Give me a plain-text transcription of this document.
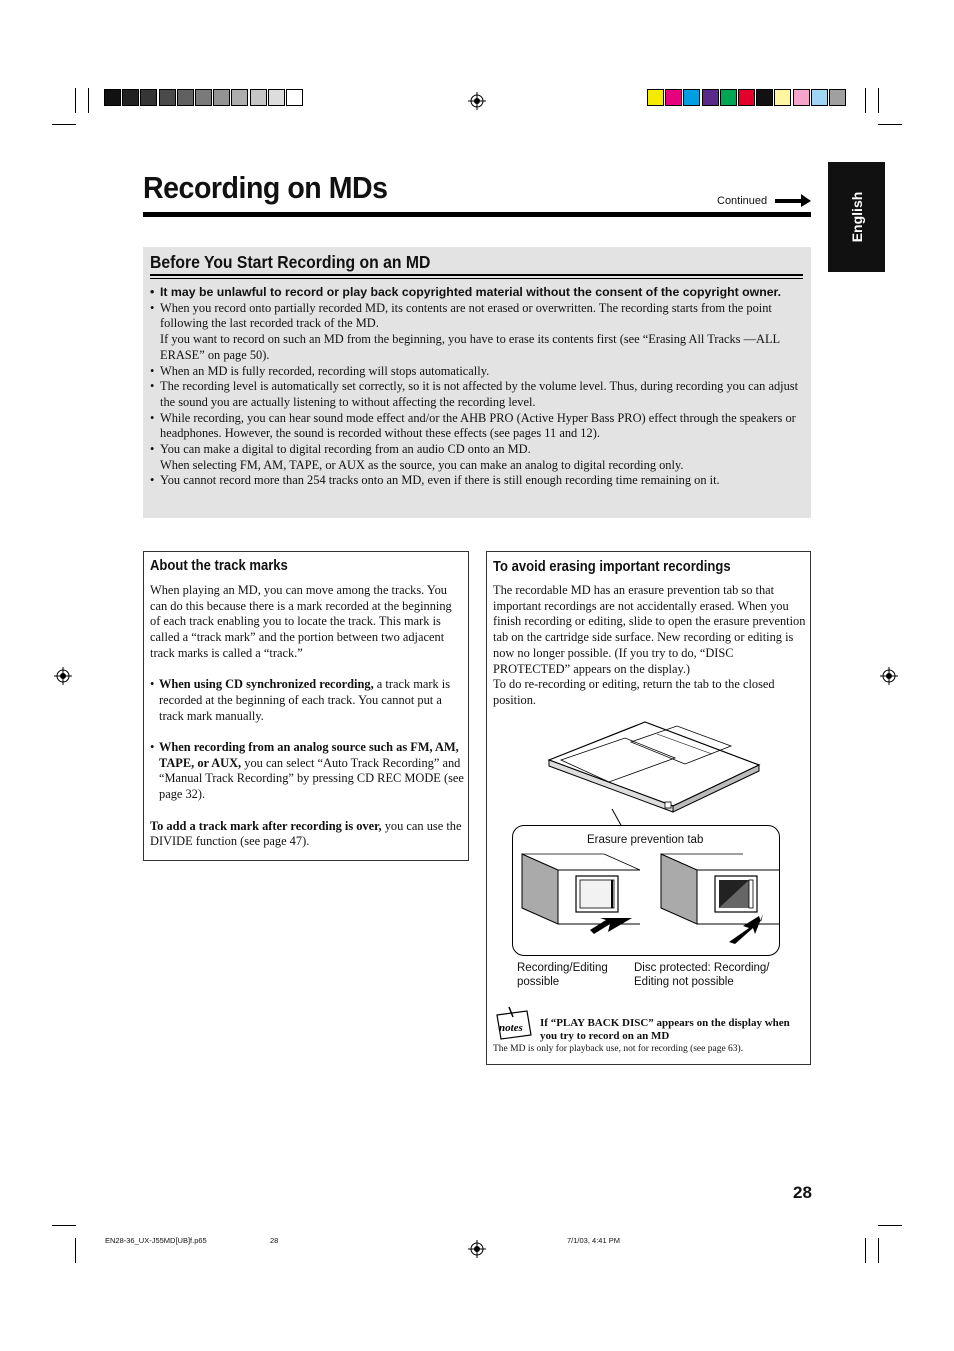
Recording on MDs	Continued	English
Before You Start Recording on an MD
• It may be unlawful to record or play back copyrighted material without the consent of the copyright owner.
• When you record onto partially recorded MD, its contents are not erased or overwritten. The recording starts from the point following the last recorded track of the MD.
If you want to record on such an MD from the beginning, you have to erase its contents first (see “Erasing All Tracks —ALL ERASE” on page 50).
• When an MD is fully recorded, recording will stops automatically.
• The recording level is automatically set correctly, so it is not affected by the volume level. Thus, during recording you can adjust the sound you are actually listening to without affecting the recording level.
• While recording, you can hear sound mode effect and/or the AHB PRO (Active Hyper Bass PRO) effect through the speakers or headphones. However, the sound is recorded without these effects (see pages 11 and 12).
• You can make a digital to digital recording from an audio CD onto an MD.
When selecting FM, AM, TAPE, or AUX as the source, you can make an analog to digital recording only.
• You cannot record more than 254 tracks onto an MD, even if there is still enough recording time remaining on it.
About the track marks

When playing an MD, you can move among the tracks. You can do this because there is a mark recorded at the beginning of each track enabling you to locate the track. This mark is called a “track mark” and the portion between two adjacent track marks is called a “track.”

• When using CD synchronized recording, a track mark is recorded at the beginning of each track. You cannot put a track mark manually.

• When recording from an analog source such as FM, AM, TAPE, or AUX, you can select “Auto Track Recording” and “Manual Track Recording” by pressing CD REC MODE (see page 32).

To add a track mark after recording is over, you can use the DIVIDE function (see page 47).

To avoid erasing important recordings

The recordable MD has an erasure prevention tab so that important recordings are not accidentally erased. When you finish recording or editing, slide to open the erasure prevention tab on the cartridge side surface. New recording or editing is now no longer possible. (If you try to do, “DISC PROTECTED” appears on the display.)

To do re-recording or editing, return the tab to the closed position.

Erasure prevention tab
Recording/Editing possible
Disc protected: Recording/ Editing not possible
notes If “PLAY BACK DISC” appears on the display when you try to record on an MD
The MD is only for playback use, not for recording (see page 63).
28
EN28-36_UX-J55MD[UB]f.p65	28	7/1/03, 4:41 PM
